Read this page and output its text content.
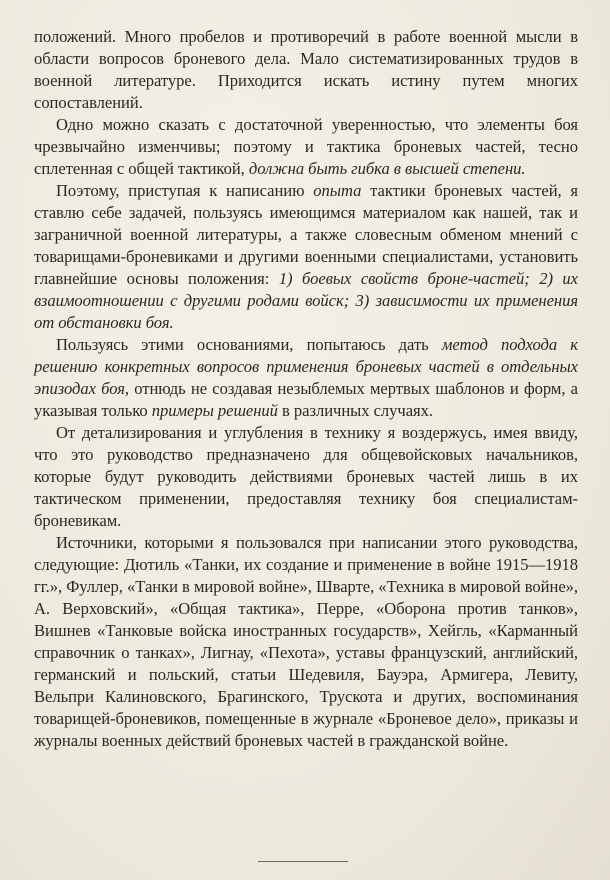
положений. Много пробелов и противоречий в работе военной мысли в области вопросов броневого дела. Мало систематизированных трудов в военной литературе. Приходится искать истину путем многих сопоставлений.

Одно можно сказать с достаточной уверенностью, что элементы боя чрезвычайно изменчивы; поэтому и тактика броневых частей, тесно сплетенная с общей тактикой, должна быть гибка в высшей степени.

Поэтому, приступая к написанию опыта тактики броневых частей, я ставлю себе задачей, пользуясь имеющимся материалом как нашей, так и заграничной военной литературы, а также словесным обменом мнений с товарищами-броневиками и другими военными специалистами, установить главнейшие основы положения: 1) боевых свойств броне-частей; 2) их взаимоотношении с другими родами войск; 3) зависимости их применения от обстановки боя.

Пользуясь этими основаниями, попытаюсь дать метод подхода к решению конкретных вопросов применения броневых частей в отдельных эпизодах боя, отнюдь не создавая незыблемых мертвых шаблонов и форм, а указывая только примеры решений в различных случаях.

От детализирования и углубления в технику я воздержусь, имея ввиду, что это руководство предназначено для общевойсковых начальников, которые будут руководить действиями броневых частей лишь в их тактическом применении, предоставляя технику боя специалистам-броневикам.

Источники, которыми я пользовался при написании этого руководства, следующие: Дютиль «Танки, их создание и применение в войне 1915—1918 гг.», Фуллер, «Танки в мировой войне», Шварте, «Техника в мировой войне», А. Верховский», «Общая тактика», Перре, «Оборона против танков», Вишнев «Танковые войска иностранных государств», Хейгль, «Карманный справочник о танках», Лигнау, «Пехота», уставы французский, английский, германский и польский, статьи Шедевиля, Бауэра, Армигера, Левиту, Вельпри Калиновского, Брагинского, Трускота и других, воспоминания товарищей-броневиков, помещенные в журнале «Броневое дело», приказы и журналы военных действий броневых частей в гражданской войне.
